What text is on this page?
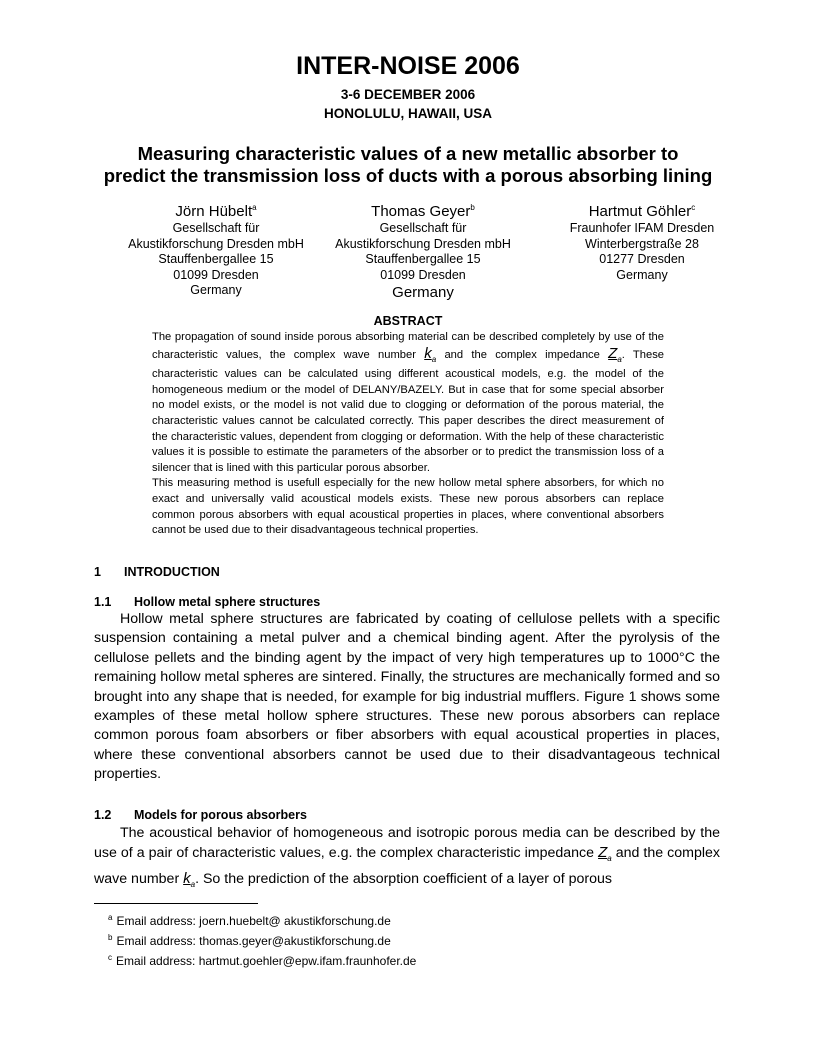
INTER-NOISE 2006
3-6 DECEMBER 2006
HONOLULU, HAWAII, USA
Measuring characteristic values of a new metallic absorber to
predict the transmission loss of ducts with a porous absorbing lining
Jörn Hübelt$^a$
Gesellschaft für
Akustikforschung Dresden mbH
Stauffenbergallee 15
01099 Dresden
Germany
Thomas Geyer$^b$
Gesellschaft für
Akustikforschung Dresden mbH
Stauffenbergallee 15
01099 Dresden
Germany
Hartmut Göhler$^c$
Fraunhofer IFAM Dresden
Winterbergstraße 28
01277 Dresden
Germany
ABSTRACT

The propagation of sound inside porous absorbing material can be described completely by use of the characteristic values, the complex wave number $k_a$ and the complex impedance $Z_a$. These characteristic values can be calculated using different acoustical models, e.g. the model of the homogeneous medium or the model of DELANY/BAZELY. But in case that for some special absorber no model exists, or the model is not valid due to clogging or deformation of the porous material, the characteristic values cannot be calculated correctly. This paper describes the direct measurement of the characteristic values, dependent from clogging or deformation. With the help of these characteristic values it is possible to estimate the parameters of the absorber or to predict the transmission loss of a silencer that is lined with this particular porous absorber.

This measuring method is usefull especially for the new hollow metal sphere absorbers, for which no exact and universally valid acoustical models exists. These new porous absorbers can replace common porous absorbers with equal acoustical properties in places, where conventional absorbers cannot be used due to their disadvantageous technical properties.

1 INTRODUCTION
1.1 Hollow metal sphere structures

Hollow metal sphere structures are fabricated by coating of cellulose pellets with a specific suspension containing a metal pulver and a chemical binding agent. After the pyrolysis of the cellulose pellets and the binding agent by the impact of very high temperatures up to 1000°C the remaining hollow metal spheres are sintered. Finally, the structures are mechanically formed and so brought into any shape that is needed, for example for big industrial mufflers. Figure 1 shows some examples of these metal hollow sphere structures. These new porous absorbers can replace common porous foam absorbers or fiber absorbers with equal acoustical properties in places, where these conventional absorbers cannot be used due to their disadvantageous technical properties.

1.2 Models for porous absorbers

The acoustical behavior of homogeneous and isotropic porous media can be described by the use of a pair of characteristic values, e.g. the complex characteristic impedance $Z_a$ and the complex wave number $k_a$. So the prediction of the absorption coefficient of a layer of porous

$^a$ Email address: joern.huebelt@ akustikforschung.de
$^b$ Email address: thomas.geyer@akustikforschung.de
$^c$ Email address: hartmut.goehler@epw.ifam.fraunhofer.de
